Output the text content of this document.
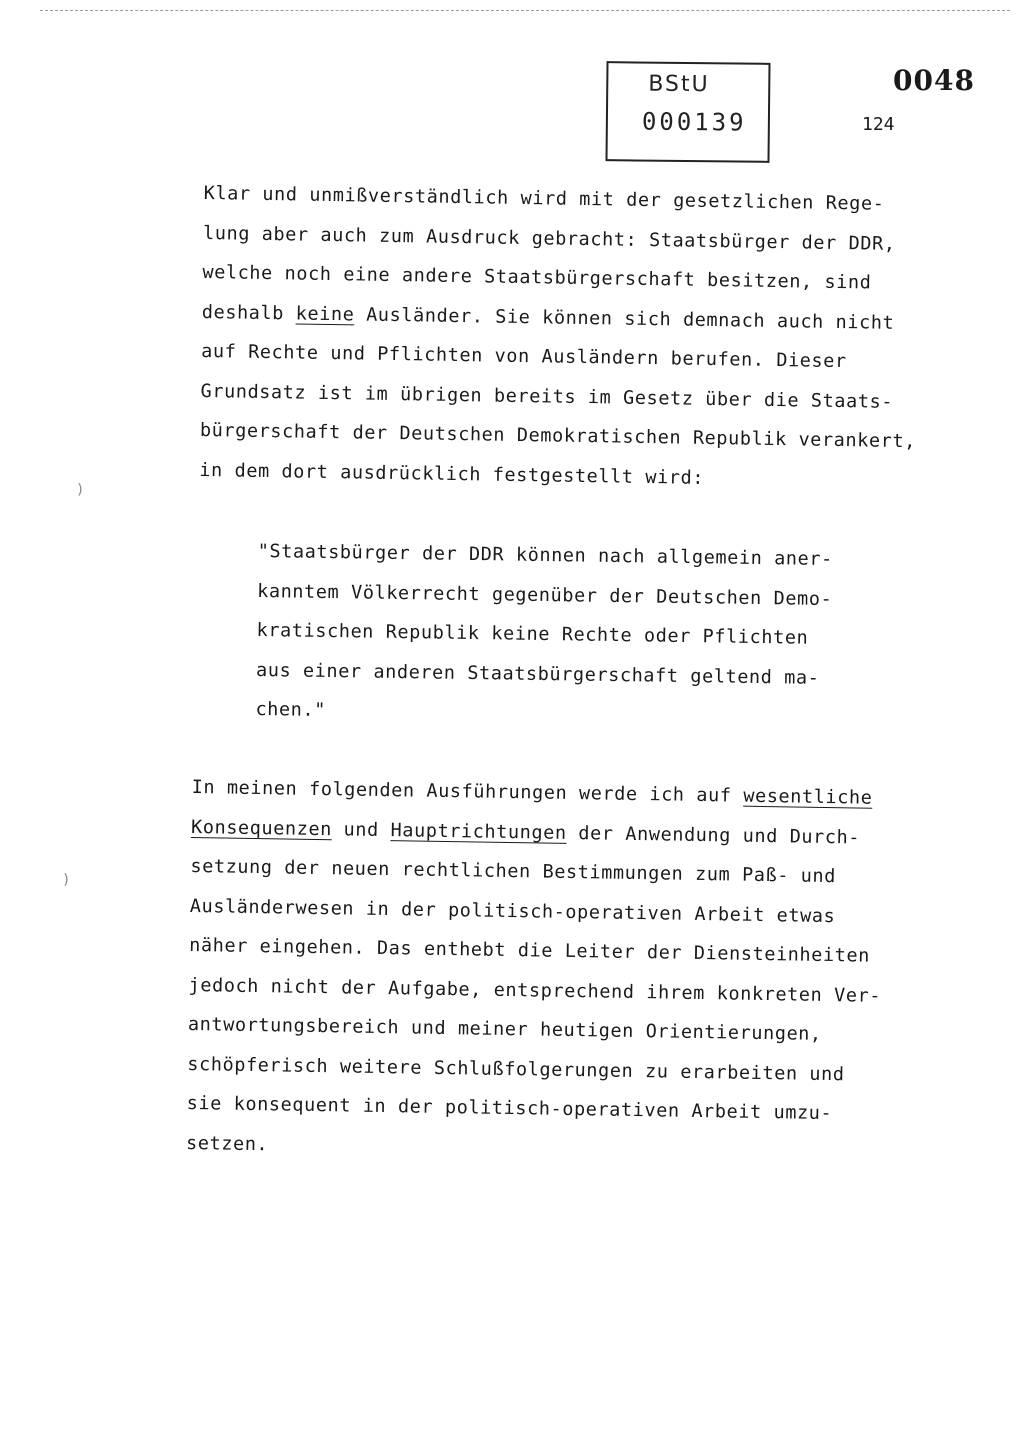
BStU
000139
0048
124
Klar und unmißverständlich wird mit der gesetzlichen Rege-
lung aber auch zum Ausdruck gebracht: Staatsbürger der DDR,
welche noch eine andere Staatsbürgerschaft besitzen, sind
deshalb keine Ausländer. Sie können sich demnach auch nicht
auf Rechte und Pflichten von Ausländern berufen. Dieser
Grundsatz ist im übrigen bereits im Gesetz über die Staats-
bürgerschaft der Deutschen Demokratischen Republik verankert,
in dem dort ausdrücklich festgestellt wird:
"Staatsbürger der DDR können nach allgemein aner-
kanntem Völkerrecht gegenüber der Deutschen Demo-
kratischen Republik keine Rechte oder Pflichten
aus einer anderen Staatsbürgerschaft geltend ma-
chen."
In meinen folgenden Ausführungen werde ich auf wesentliche
Konsequenzen und Hauptrichtungen der Anwendung und Durch-
setzung der neuen rechtlichen Bestimmungen zum Paß- und
Ausländerwesen in der politisch-operativen Arbeit etwas
näher eingehen. Das enthebt die Leiter der Diensteinheiten
jedoch nicht der Aufgabe, entsprechend ihrem konkreten Ver-
antwortungsbereich und meiner heutigen Orientierungen,
schöpferisch weitere Schlußfolgerungen zu erarbeiten und
sie konsequent in der politisch-operativen Arbeit umzu-
setzen.
)
)
